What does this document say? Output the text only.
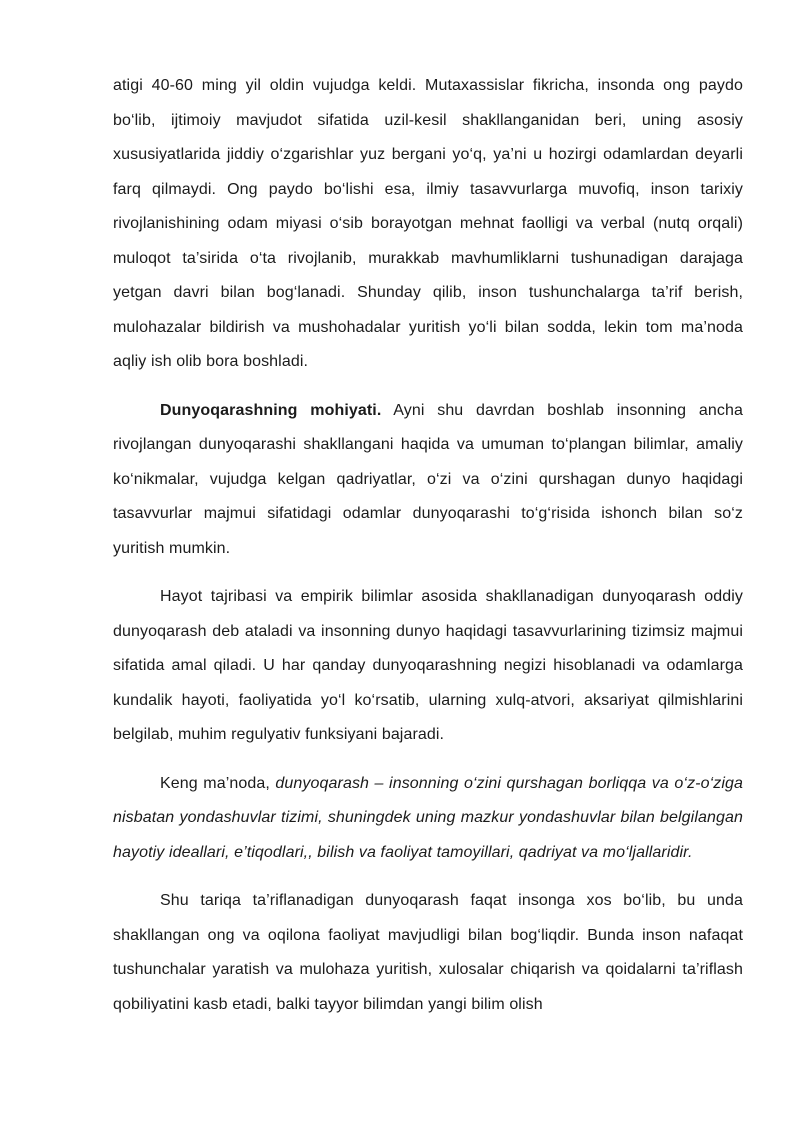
atigi 40-60 ming yil oldin vujudga keldi. Mutaxassislar fikricha, insonda ong paydo bo‘lib, ijtimoiy mavjudot sifatida uzil-kesil shakllanganidan beri, uning asosiy xususiyatlarida jiddiy o‘zgarishlar yuz bergani yo‘q, ya’ni u hozirgi odamlardan deyarli farq qilmaydi. Ong paydo bo‘lishi esa, ilmiy tasavvurlarga muvofiq, inson tarixiy rivojlanishining odam miyasi o‘sib borayotgan mehnat faolligi va verbal (nutq orqali) muloqot ta’sirida o‘ta rivojlanib, murakkab mavhumliklarni tushunadigan darajaga yetgan davri bilan bog‘lanadi. Shunday qilib, inson tushunchalarga ta’rif berish, mulohazalar bildirish va mushohadalar yuritish yo‘li bilan sodda, lekin tom ma’noda aqliy ish olib bora boshladi.

Dunyoqarashning mohiyati. Ayni shu davrdan boshlab insonning ancha rivojlangan dunyoqarashi shakllangani haqida va umuman to‘plangan bilimlar, amaliy ko‘nikmalar, vujudga kelgan qadriyatlar, o‘zi va o‘zini qurshagan dunyo haqidagi tasavvurlar majmui sifatidagi odamlar dunyoqarashi to‘g‘risida ishonch bilan so‘z yuritish mumkin.

Hayot tajribasi va empirik bilimlar asosida shakllanadigan dunyoqarash oddiy dunyoqarash deb ataladi va insonning dunyo haqidagi tasavvurlarining tizimsiz majmui sifatida amal qiladi. U har qanday dunyoqarashning negizi hisoblanadi va odamlarga kundalik hayoti, faoliyatida yo‘l ko‘rsatib, ularning xulq-atvori, aksariyat qilmishlarini belgilab, muhim regulyativ funksiyani bajaradi.

Keng ma’noda, dunyoqarash – insonning o‘zini qurshagan borliqqa va o‘z-o‘ziga nisbatan yondashuvlar tizimi, shuningdek uning mazkur yondashuvlar bilan belgilangan hayotiy ideallari, e’tiqodlari,, bilish va faoliyat tamoyillari, qadriyat va mo‘ljallaridir.

Shu tariqa ta’riflanadigan dunyoqarash faqat insonga xos bo‘lib, bu unda shakllangan ong va oqilona faoliyat mavjudligi bilan bog‘liqdir. Bunda inson nafaqat tushunchalar yaratish va mulohaza yuritish, xulosalar chiqarish va qoidalarni ta’riflash qobiliyatini kasb etadi, balki tayyor bilimdan yangi bilim olish
